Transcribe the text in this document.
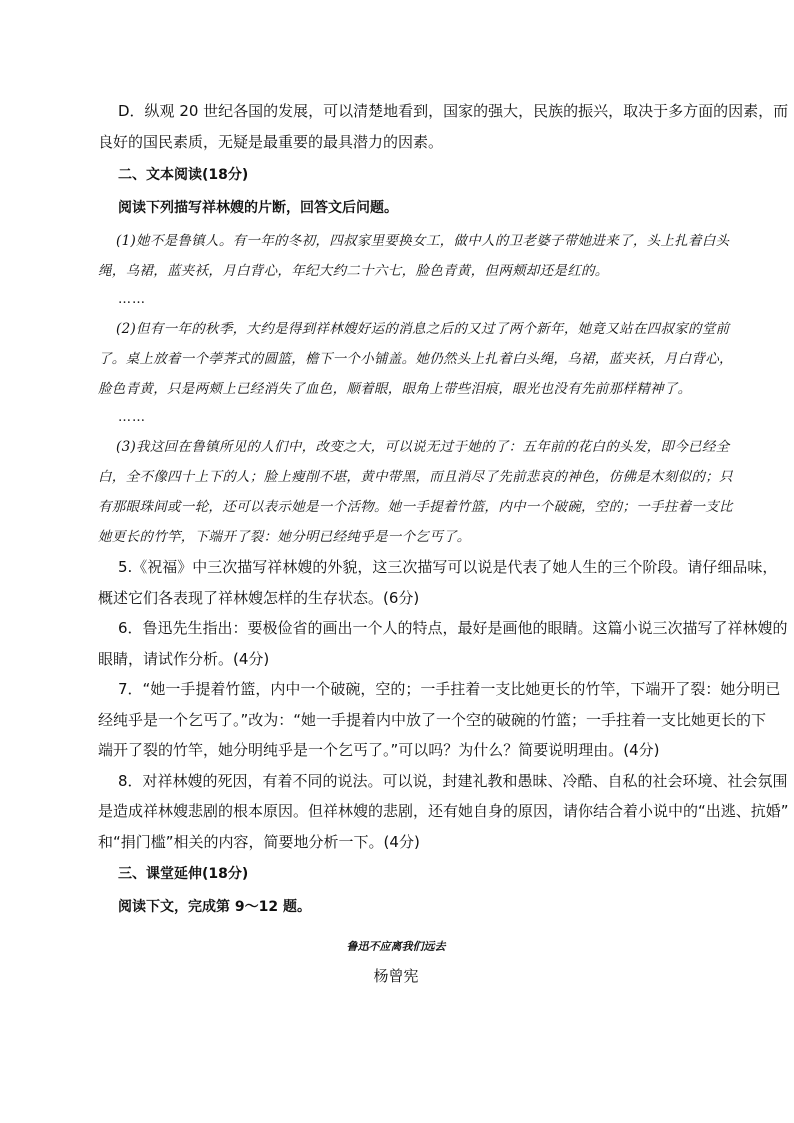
D．纵观 20 世纪各国的发展，可以清楚地看到，国家的强大，民族的振兴，取决于多方面的因素，而
良好的国民素质，无疑是最重要的最具潜力的因素。

二、文本阅读(18分)
阅读下列描写祥林嫂的片断，回答文后问题。
(1)她不是鲁镇人。有一年的冬初，四叔家里要换女工，做中人的卫老婆子带她进来了，头上扎着白头
绳，乌裙，蓝夹袄，月白背心，年纪大约二十六七，脸色青黄，但两颊却还是红的。
……
(2)但有一年的秋季，大约是得到祥林嫂好运的消息之后的又过了两个新年，她竟又站在四叔家的堂前
了。桌上放着一个荸荠式的圆篮，檐下一个小铺盖。她仍然头上扎着白头绳，乌裙，蓝夹袄，月白背心，
脸色青黄，只是两颊上已经消失了血色，顺着眼，眼角上带些泪痕，眼光也没有先前那样精神了。
……
(3)我这回在鲁镇所见的人们中，改变之大，可以说无过于她的了：五年前的花白的头发，即今已经全
白，全不像四十上下的人；脸上瘦削不堪，黄中带黑，而且消尽了先前悲哀的神色，仿佛是木刻似的；只
有那眼珠间或一轮，还可以表示她是一个活物。她一手提着竹篮，内中一个破碗，空的；一手拄着一支比
她更长的竹竿，下端开了裂：她分明已经纯乎是一个乞丐了。
5.《祝福》中三次描写祥林嫂的外貌，这三次描写可以说是代表了她人生的三个阶段。请仔细品味，
概述它们各表现了祥林嫂怎样的生存状态。(6分)
6．鲁迅先生指出：要极俭省的画出一个人的特点，最好是画他的眼睛。这篇小说三次描写了祥林嫂的
眼睛，请试作分析。(4分)
7．“她一手提着竹篮，内中一个破碗，空的；一手拄着一支比她更长的竹竿，下端开了裂：她分明已
经纯乎是一个乞丐了。”改为：“她一手提着内中放了一个空的破碗的竹篮；一手拄着一支比她更长的下
端开了裂的竹竿，她分明纯乎是一个乞丐了。”可以吗？为什么？简要说明理由。(4分)
8．对祥林嫂的死因，有着不同的说法。可以说，封建礼教和愚昧、冷酷、自私的社会环境、社会氛围
是造成祥林嫂悲剧的根本原因。但祥林嫂的悲剧，还有她自身的原因，请你结合着小说中的“出逃、抗婚”
和“捐门槛”相关的内容，简要地分析一下。(4分)
三、课堂延伸(18分)
阅读下文，完成第 9～12 题。
鲁迅不应离我们远去
杨曾宪
